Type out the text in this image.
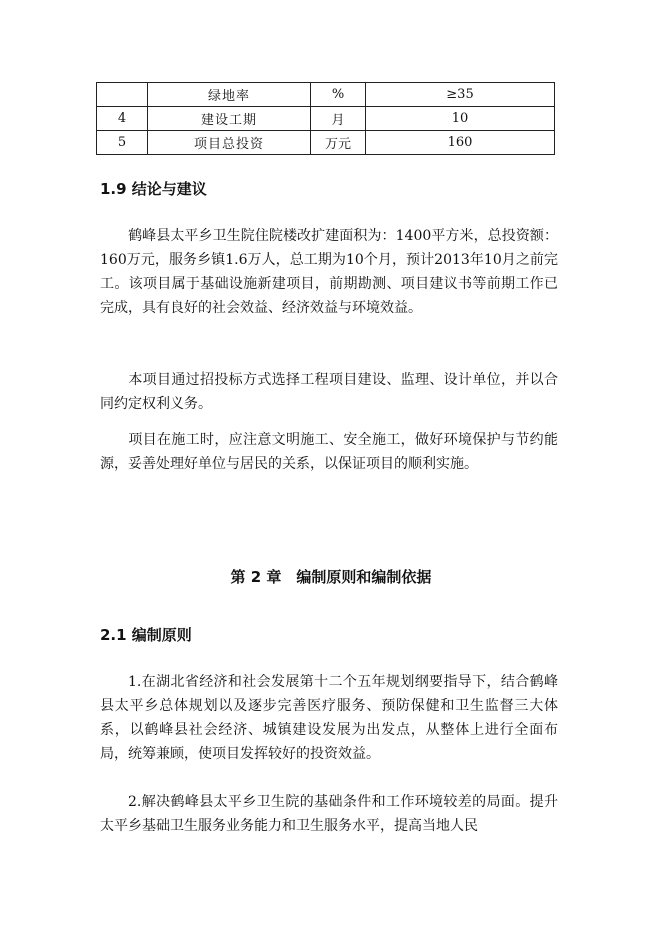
	绿地率	%	≥35
4	建设工期	月	10
5	项目总投资	万元	160
1.9 结论与建议

鹤峰县太平乡卫生院住院楼改扩建面积为：1400平方米，总投资额：160万元，服务乡镇1.6万人，总工期为10个月，预计2013年10月之前完工。该项目属于基础设施新建项目，前期勘测、项目建议书等前期工作已完成，具有良好的社会效益、经济效益与环境效益。

本项目通过招投标方式选择工程项目建设、监理、设计单位，并以合同约定权利义务。

项目在施工时，应注意文明施工、安全施工，做好环境保护与节约能源，妥善处理好单位与居民的关系，以保证项目的顺利实施。

第 2 章　编制原则和编制依据
2.1 编制原则

1.在湖北省经济和社会发展第十二个五年规划纲要指导下，结合鹤峰县太平乡总体规划以及逐步完善医疗服务、预防保健和卫生监督三大体系，以鹤峰县社会经济、城镇建设发展为出发点，从整体上进行全面布局，统筹兼顾，使项目发挥较好的投资效益。

2.解决鹤峰县太平乡卫生院的基础条件和工作环境较差的局面。提升太平乡基础卫生服务业务能力和卫生服务水平，提高当地人民
